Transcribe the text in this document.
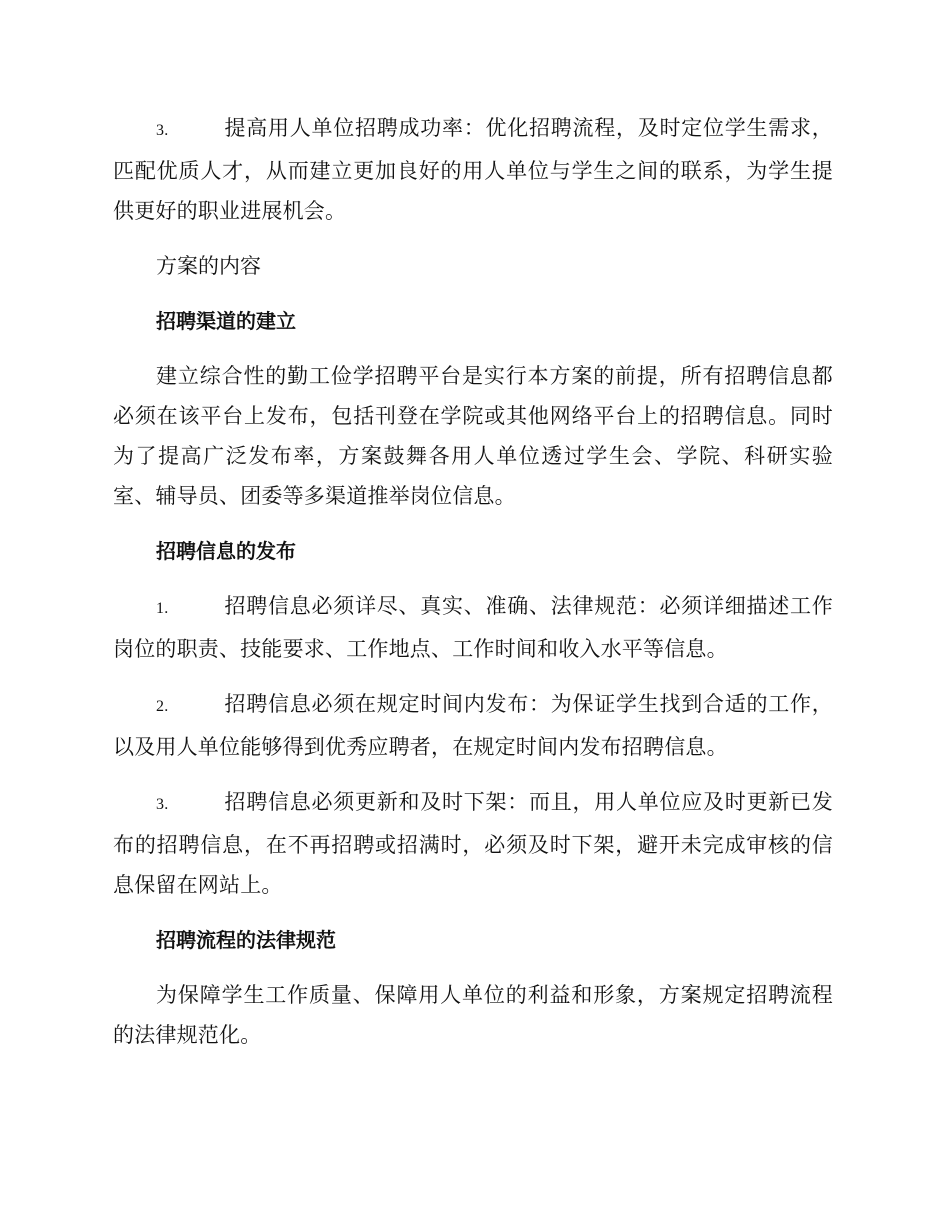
3.	提高用人单位招聘成功率：优化招聘流程，及时定位学生需求，匹配优质人才，从而建立更加良好的用人单位与学生之间的联系，为学生提供更好的职业进展机会。

方案的内容
招聘渠道的建立

建立综合性的勤工俭学招聘平台是实行本方案的前提，所有招聘信息都必须在该平台上发布，包括刊登在学院或其他网络平台上的招聘信息。同时为了提高广泛发布率，方案鼓舞各用人单位透过学生会、学院、科研实验室、辅导员、团委等多渠道推举岗位信息。

招聘信息的发布

1.	招聘信息必须详尽、真实、准确、法律规范：必须详细描述工作岗位的职责、技能要求、工作地点、工作时间和收入水平等信息。

2.	招聘信息必须在规定时间内发布：为保证学生找到合适的工作，以及用人单位能够得到优秀应聘者，在规定时间内发布招聘信息。

3.	招聘信息必须更新和及时下架：而且，用人单位应及时更新已发布的招聘信息，在不再招聘或招满时，必须及时下架，避开未完成审核的信息保留在网站上。

招聘流程的法律规范

为保障学生工作质量、保障用人单位的利益和形象，方案规定招聘流程的法律规范化。
